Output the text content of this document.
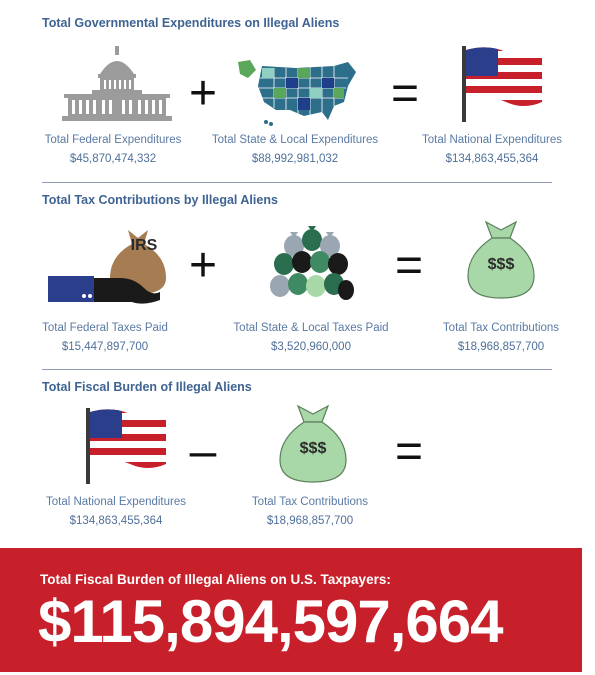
Total Governmental Expenditures on Illegal Aliens
+	=
Total Federal Expenditures
$45,870,474,332
Total State & Local Expenditures
$88,992,981,032
Total National Expenditures
$134,863,455,364
Total Tax Contributions by Illegal Aliens
IRS +	=	$$$
Total Federal Taxes Paid
$15,447,897,700
Total State & Local Taxes Paid
$3,520,960,000
Total Tax Contributions
$18,968,857,700
Total Fiscal Burden of Illegal Aliens
–	$$$	=
Total National Expenditures
$134,863,455,364
Total Tax Contributions
$18,968,857,700
Total Fiscal Burden of Illegal Aliens on U.S. Taxpayers:
$115,894,597,664
